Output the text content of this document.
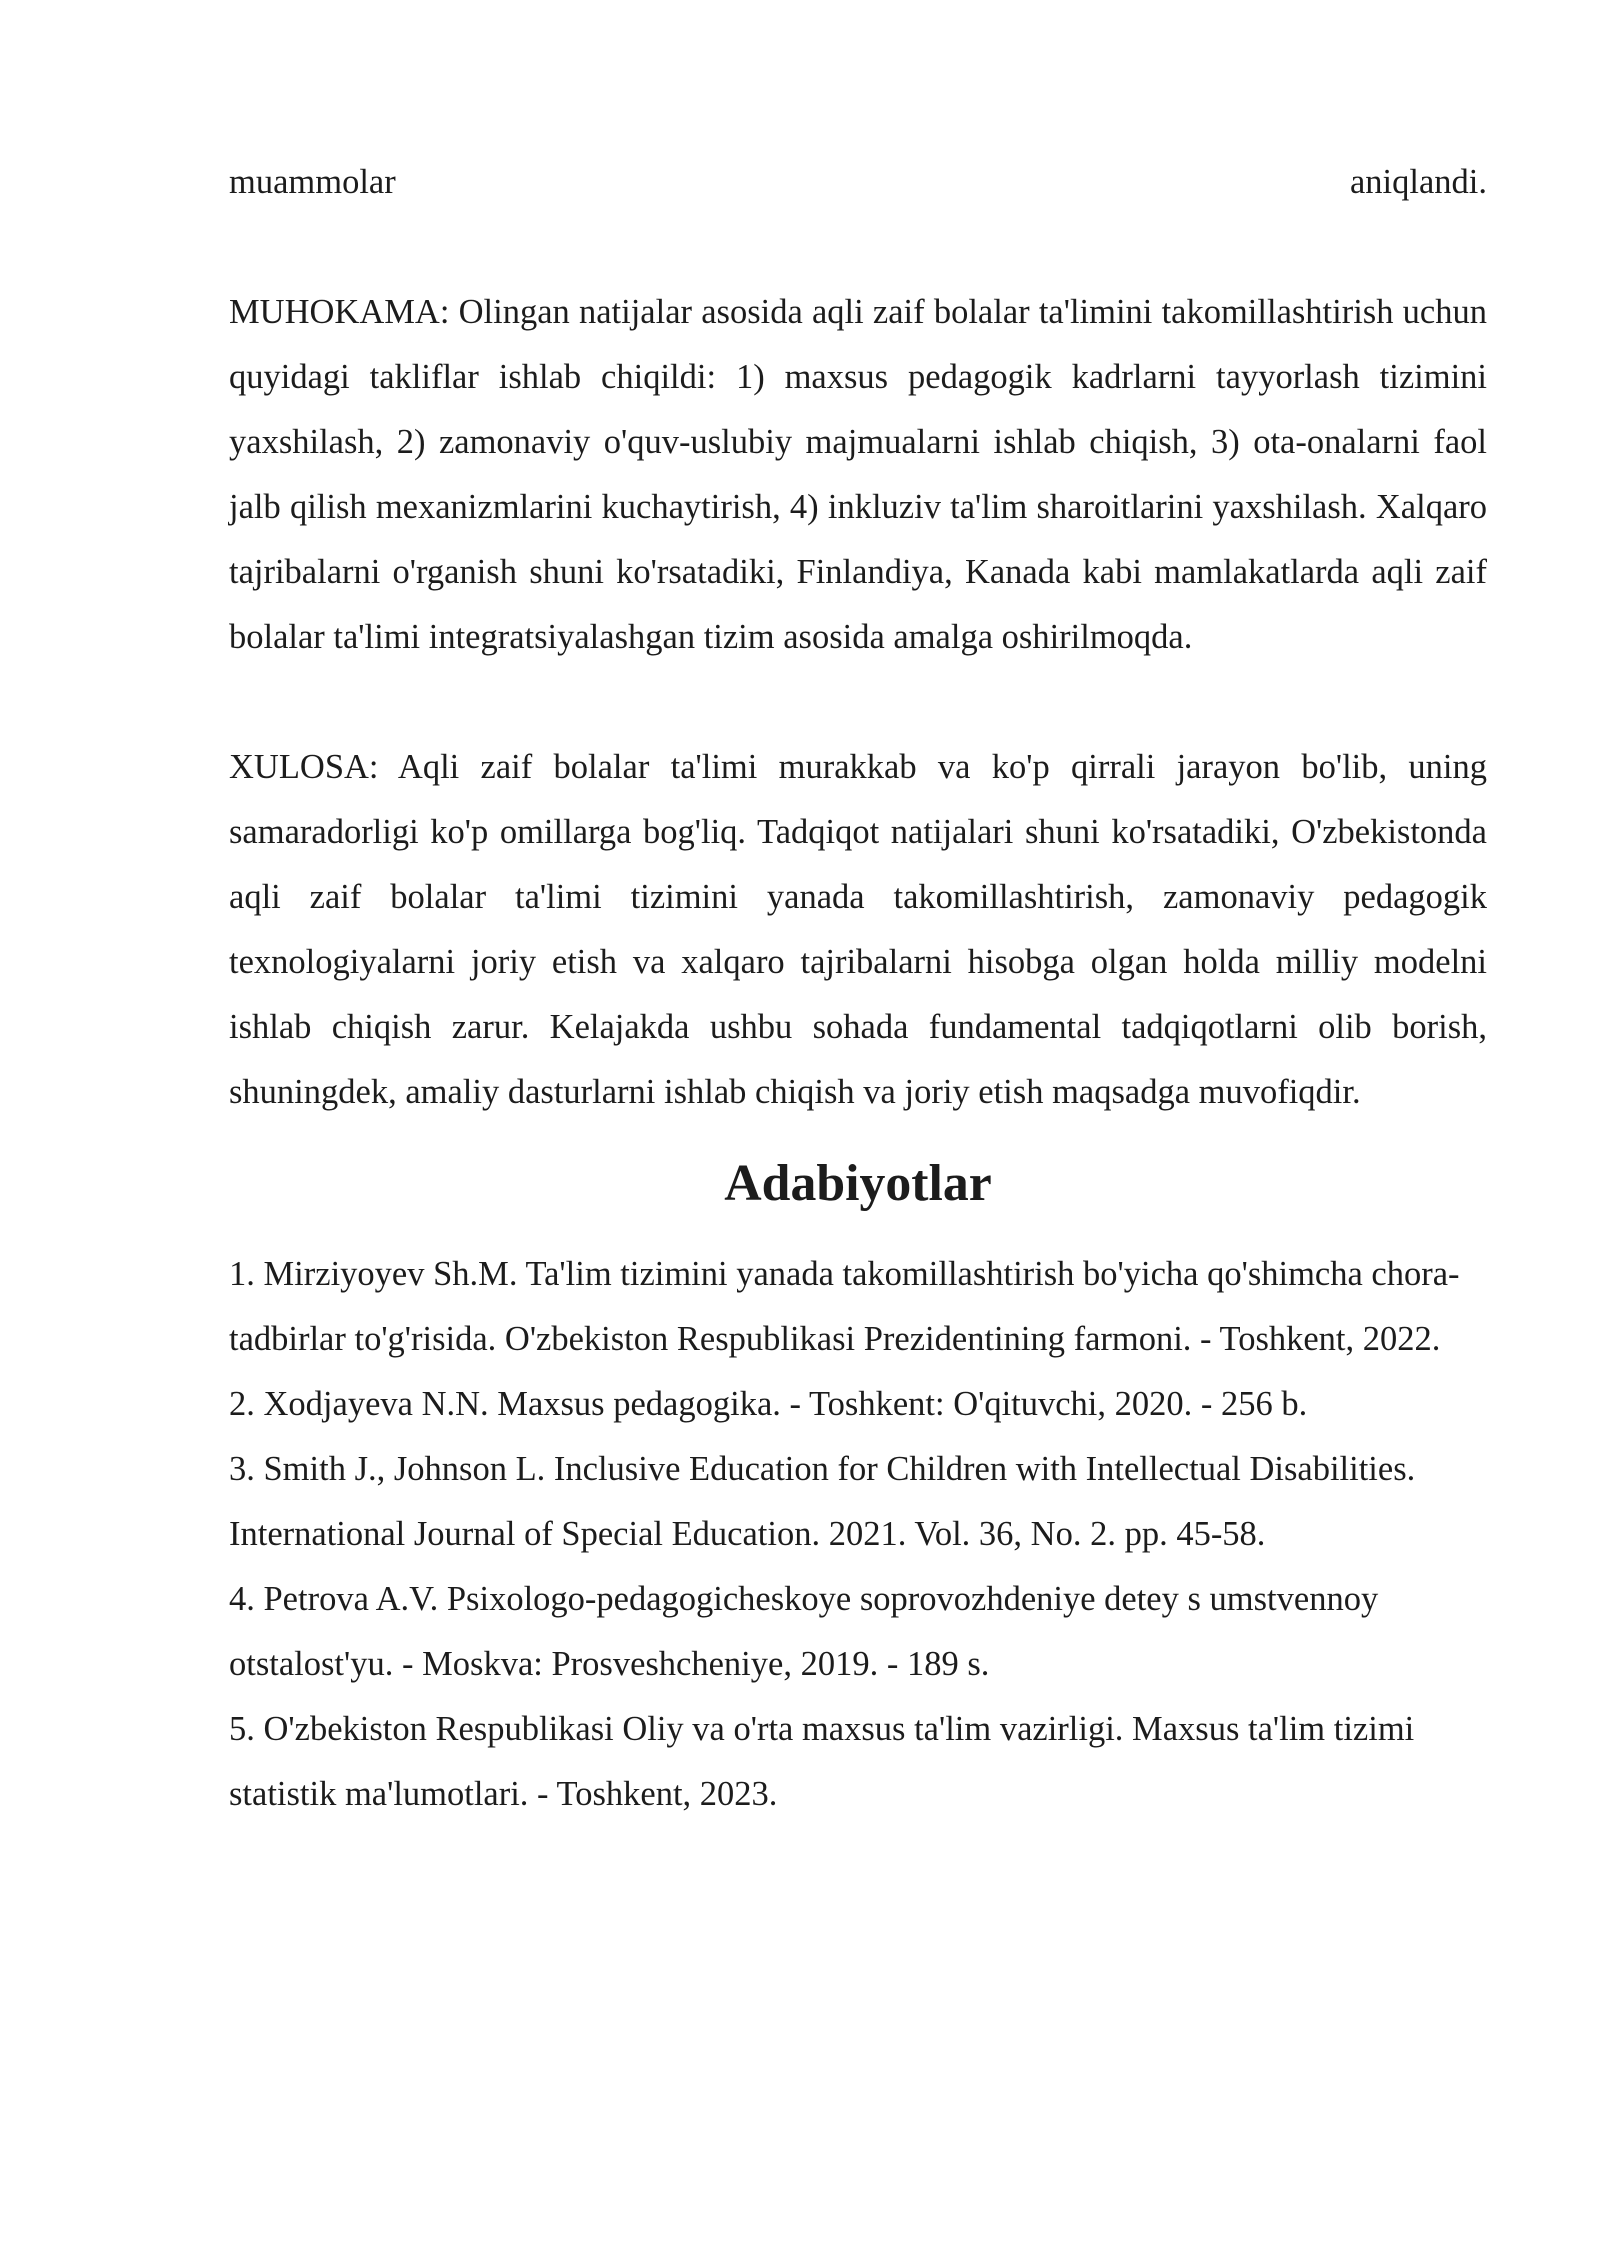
muammolar	aniqlandi.

MUHOKAMA: Olingan natijalar asosida aqli zaif bolalar ta'limini takomillashtirish uchun quyidagi takliflar ishlab chiqildi: 1) maxsus pedagogik kadrlarni tayyorlash tizimini yaxshilash, 2) zamonaviy o'quv-uslubiy majmualarni ishlab chiqish, 3) ota-onalarni faol jalb qilish mexanizmlarini kuchaytirish, 4) inkluziv ta'lim sharoitlarini yaxshilash. Xalqaro tajribalarni o'rganish shuni ko'rsatadiki, Finlandiya, Kanada kabi mamlakatlarda aqli zaif bolalar ta'limi integratsiyalashgan tizim asosida amalga oshirilmoqda.

XULOSA: Aqli zaif bolalar ta'limi murakkab va ko'p qirrali jarayon bo'lib, uning samaradorligi ko'p omillarga bog'liq. Tadqiqot natijalari shuni ko'rsatadiki, O'zbekistonda aqli zaif bolalar ta'limi tizimini yanada takomillashtirish, zamonaviy pedagogik texnologiyalarni joriy etish va xalqaro tajribalarni hisobga olgan holda milliy modelni ishlab chiqish zarur. Kelajakda ushbu sohada fundamental tadqiqotlarni olib borish, shuningdek, amaliy dasturlarni ishlab chiqish va joriy etish maqsadga muvofiqdir.

Adabiyotlar
1. Mirziyoyev Sh.M. Ta'lim tizimini yanada takomillashtirish bo'yicha qo'shimcha chora-tadbirlar to'g'risida. O'zbekiston Respublikasi Prezidentining farmoni. - Toshkent, 2022.
2. Xodjayeva N.N. Maxsus pedagogika. - Toshkent: O'qituvchi, 2020. - 256 b.
3. Smith J., Johnson L. Inclusive Education for Children with Intellectual Disabilities. International Journal of Special Education. 2021. Vol. 36, No. 2. pp. 45-58.
4. Petrova A.V. Psixologo-pedagogicheskoye soprovozhdeniye detey s umstvennoy otstalost'yu. - Moskva: Prosveshcheniye, 2019. - 189 s.
5. O'zbekiston Respublikasi Oliy va o'rta maxsus ta'lim vazirligi. Maxsus ta'lim tizimi statistik ma'lumotlari. - Toshkent, 2023.
